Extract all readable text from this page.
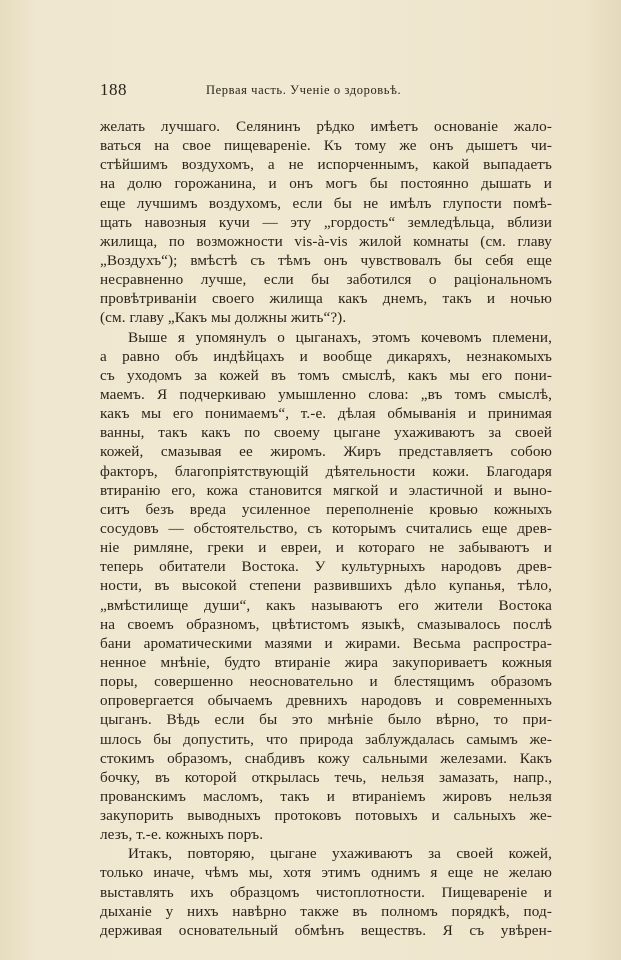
188	Первая часть. Ученіе о здоровьѣ.
желать лучшаго. Селянинъ рѣдко имѣетъ основаніе жало-
ваться на свое пищевареніе. Къ тому же онъ дышетъ чи-
стѣйшимъ воздухомъ, а не испорченнымъ, какой выпадаетъ
на долю горожанина, и онъ могъ бы постоянно дышать и
еще лучшимъ воздухомъ, если бы не имѣлъ глупости помѣ-
щать навозныя кучи — эту „гордость“ земледѣльца, вблизи
жилища, по возможности vis-à-vis жилой комнаты (см. главу
„Воздухъ“); вмѣстѣ съ тѣмъ онъ чувствовалъ бы себя еще
несравненно лучше, если бы заботился о раціональномъ
провѣтриваніи своего жилища какъ днемъ, такъ и ночью
(см. главу „Какъ мы должны жить“?).
Выше я упомянулъ о цыганахъ, этомъ кочевомъ племени,
а равно объ индѣйцахъ и вообще дикаряхъ, незнакомыхъ
съ уходомъ за кожей въ томъ смыслѣ, какъ мы его пони-
маемъ. Я подчеркиваю умышленно слова: „въ томъ смыслѣ,
какъ мы его понимаемъ“, т.-е. дѣлая обмыванія и принимая
ванны, такъ какъ по своему цыгане ухаживаютъ за своей
кожей, смазывая ее жиромъ. Жиръ представляетъ собою
факторъ, благопріятствующій дѣятельности кожи. Благодаря
втиранію его, кожа становится мягкой и эластичной и выно-
ситъ безъ вреда усиленное переполненіе кровью кожныхъ
сосудовъ — обстоятельство, съ которымъ считались еще древ-
ніе римляне, греки и евреи, и котораго не забываютъ и
теперь обитатели Востока. У культурныхъ народовъ древ-
ности, въ высокой степени развившихъ дѣло купанья, тѣло,
„вмѣстилище души“, какъ называютъ его жители Востока
на своемъ образномъ, цвѣтистомъ языкѣ, смазывалось послѣ
бани ароматическими мазями и жирами. Весьма распростра-
ненное мнѣніе, будто втираніе жира закупориваетъ кожныя
поры, совершенно неосновательно и блестящимъ образомъ
опровергается обычаемъ древнихъ народовъ и современныхъ
цыганъ. Вѣдь если бы это мнѣніе было вѣрно, то при-
шлось бы допустить, что природа заблуждалась самымъ же-
стокимъ образомъ, снабдивъ кожу сальными железами. Какъ
бочку, въ которой открылась течь, нельзя замазать, напр.,
прованскимъ масломъ, такъ и втираніемъ жировъ нельзя
закупорить выводныхъ протоковъ потовыхъ и сальныхъ же-
лезъ, т.-е. кожныхъ поръ.
Итакъ, повторяю, цыгане ухаживаютъ за своей кожей,
только иначе, чѣмъ мы, хотя этимъ однимъ я еще не желаю
выставлять ихъ образцомъ чистоплотности. Пищевареніе и
дыханіе у нихъ навѣрно также въ полномъ порядкѣ, под-
держивая основательный обмѣнъ веществъ. Я съ увѣрен-
